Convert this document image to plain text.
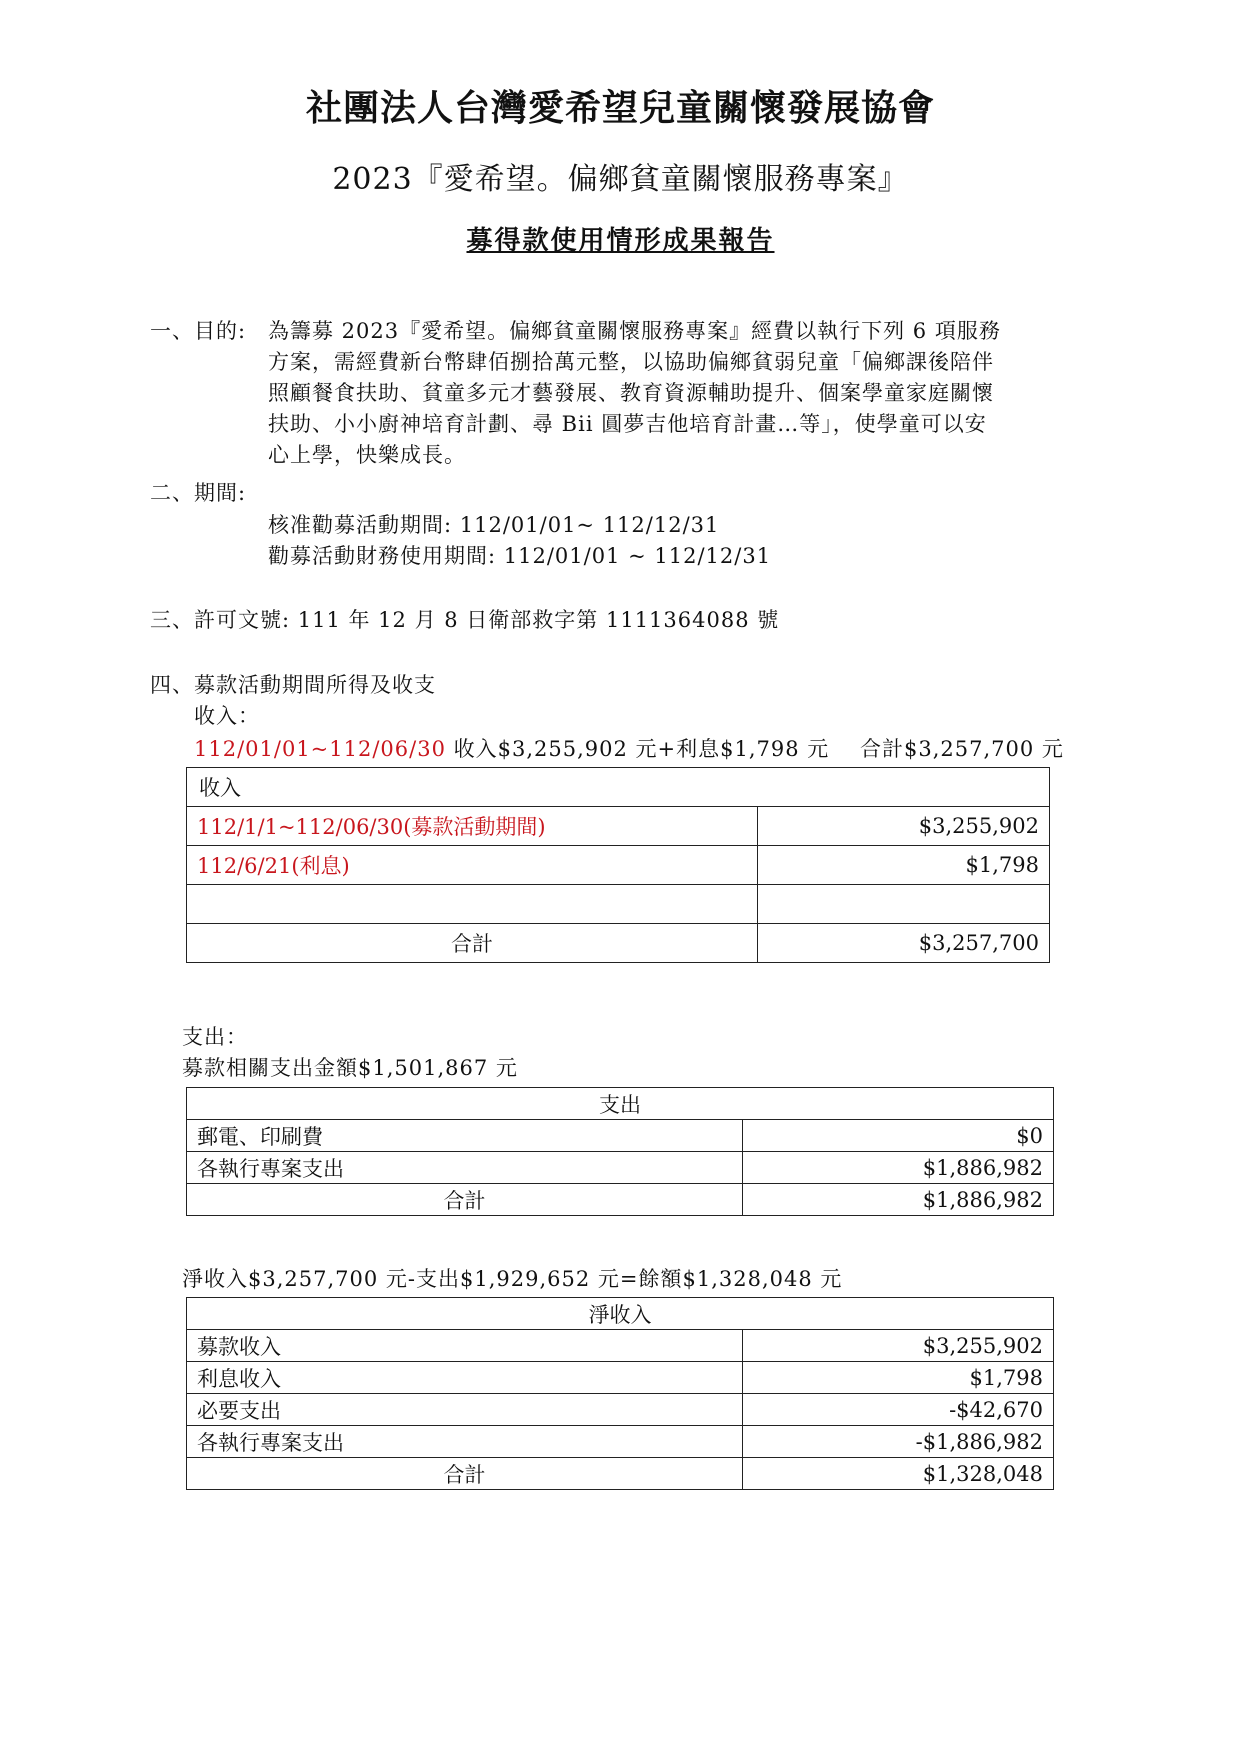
社團法人台灣愛希望兒童關懷發展協會
2023『愛希望。偏鄉貧童關懷服務專案』
募得款使用情形成果報告
一、目的: 為籌募 2023『愛希望。偏鄉貧童關懷服務專案』經費以執行下列 6 項服務
方案，需經費新台幣肆佰捌拾萬元整，以協助偏鄉貧弱兒童「偏鄉課後陪伴
照顧餐食扶助、貧童多元才藝發展、教育資源輔助提升、個案學童家庭關懷
扶助、小小廚神培育計劃、尋 Bii 圓夢吉他培育計畫…等」，使學童可以安
心上學，快樂成長。
二、期間:
核准勸募活動期間: 112/01/01~ 112/12/31
勸募活動財務使用期間: 112/01/01 ~ 112/12/31
三、許可文號: 111 年 12 月 8 日衛部救字第 1111364088 號
四、募款活動期間所得及收支
收入：
112/01/01~112/06/30 收入$3,255,902 元+利息$1,798 元 合計$3,257,700 元
收入	
112/1/1~112/06/30(募款活動期間)	$3,255,902
112/6/21(利息)	$1,798

合計	$3,257,700
支出：
募款相關支出金額$1,501,867 元
支出	
郵電、印刷費	$0
各執行專案支出	$1,886,982
合計	$1,886,982
淨收入$3,257,700 元-支出$1,929,652 元=餘額$1,328,048 元
淨收入	
募款收入	$3,255,902
利息收入	$1,798
必要支出	-$42,670
各執行專案支出	-$1,886,982
合計	$1,328,048
